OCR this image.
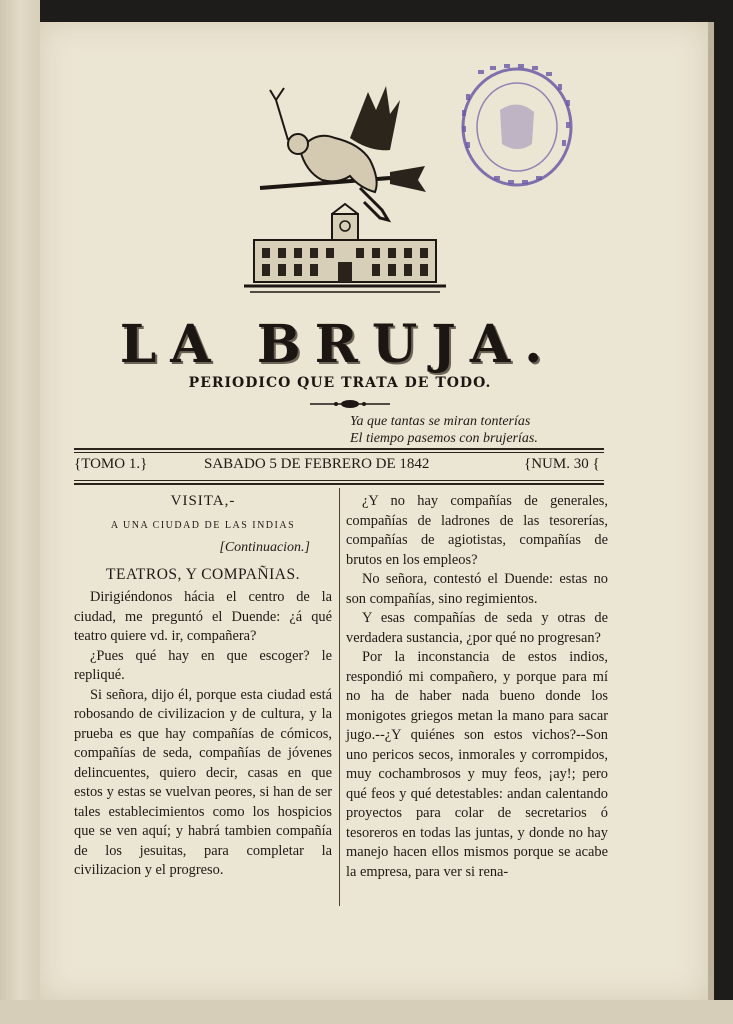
LA BRUJA.
PERIODICO QUE TRATA DE TODO.
Ya que tantas se miran tonterías
El tiempo pasemos con brujerías.
{TOMO 1.}	SABADO 5 DE FEBRERO DE 1842	{NUM. 30 {

VISITA,-

A UNA CIUDAD DE LAS INDIAS

[Continuacion.]

TEATROS, Y COMPAÑIAS.

Dirigiéndonos hácia el centro de la ciudad, me preguntó el Duende: ¿á qué teatro quiere vd. ir, compañera?

¿Pues qué hay en que escoger? le repliqué.

Si señora, dijo él, porque esta ciudad está robosando de civilizacion y de cultura, y la prueba es que hay compañías de cómicos, compañías de seda, compañías de jóvenes delincuentes, quiero decir, casas en que estos y estas se vuelvan peores, si han de ser tales establecimientos como los hospicios que se ven aquí; y habrá tambien compañía de los jesuitas, para completar la civilizacion y el progreso.

¿Y no hay compañías de generales, compañías de ladrones de las tesorerías, compañías de agiotistas, compañías de brutos en los empleos?

No señora, contestó el Duende: estas no son compañías, sino regimientos.

Y esas compañías de seda y otras de verdadera sustancia, ¿por qué no progresan?

Por la inconstancia de estos indios, respondió mi compañero, y porque para mí no ha de haber nada bueno donde los monigotes griegos metan la mano para sacar jugo.--¿Y quiénes son estos vichos?--Son uno pericos secos, inmorales y corrompidos, muy cochambrosos y muy feos, ¡ay!; pero qué feos y qué detestables: andan calentando proyectos para colar de secretarios ó tesoreros en todas las juntas, y donde no hay manejo hacen ellos mismos porque se acabe la empresa, para ver si rena-
